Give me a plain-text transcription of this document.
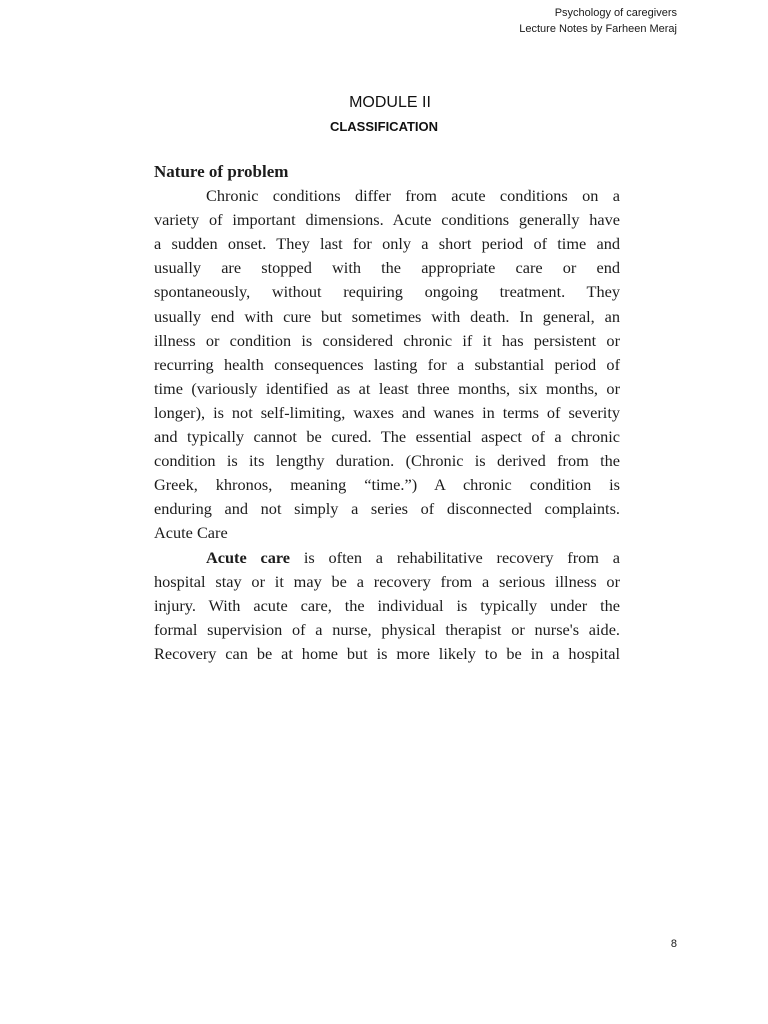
Psychology of caregivers
Lecture Notes by Farheen Meraj
MODULE II
CLASSIFICATION
Nature of problem
Chronic conditions differ from acute conditions on a
variety of important dimensions. Acute conditions generally have
a sudden onset. They last for only a short period of time and
usually are stopped with the appropriate care or end
spontaneously, without requiring ongoing treatment. They
usually end with cure but sometimes with death. In general, an
illness or condition is considered chronic if it has persistent or
recurring health consequences lasting for a substantial period of
time (variously identified as at least three months, six months, or
longer), is not self-limiting, waxes and wanes in terms of severity
and typically cannot be cured. The essential aspect of a chronic
condition is its lengthy duration. (Chronic is derived from the
Greek, khronos, meaning “time.”) A chronic condition is
enduring and not simply a series of disconnected complaints.
Acute Care
Acute care is often a rehabilitative recovery from a
hospital stay or it may be a recovery from a serious illness or
injury. With acute care, the individual is typically under the
formal supervision of a nurse, physical therapist or nurse's aide.
Recovery can be at home but is more likely to be in a hospital
8
